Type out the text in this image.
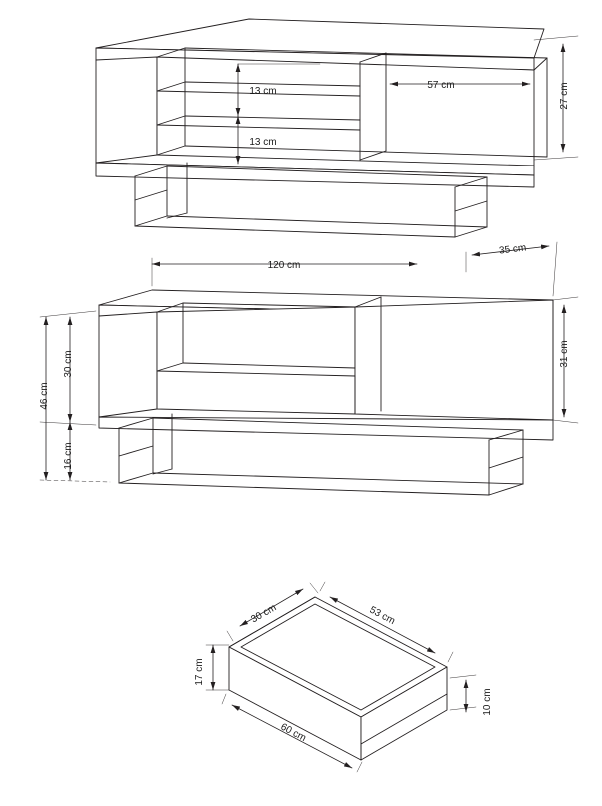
13 cm
13 cm
57 cm	27 cm
120 cm
35 cm
31 cm
46 cm
30 cm
16 cm
30 cm	53 cm
17 cm
10 cm
60 cm
